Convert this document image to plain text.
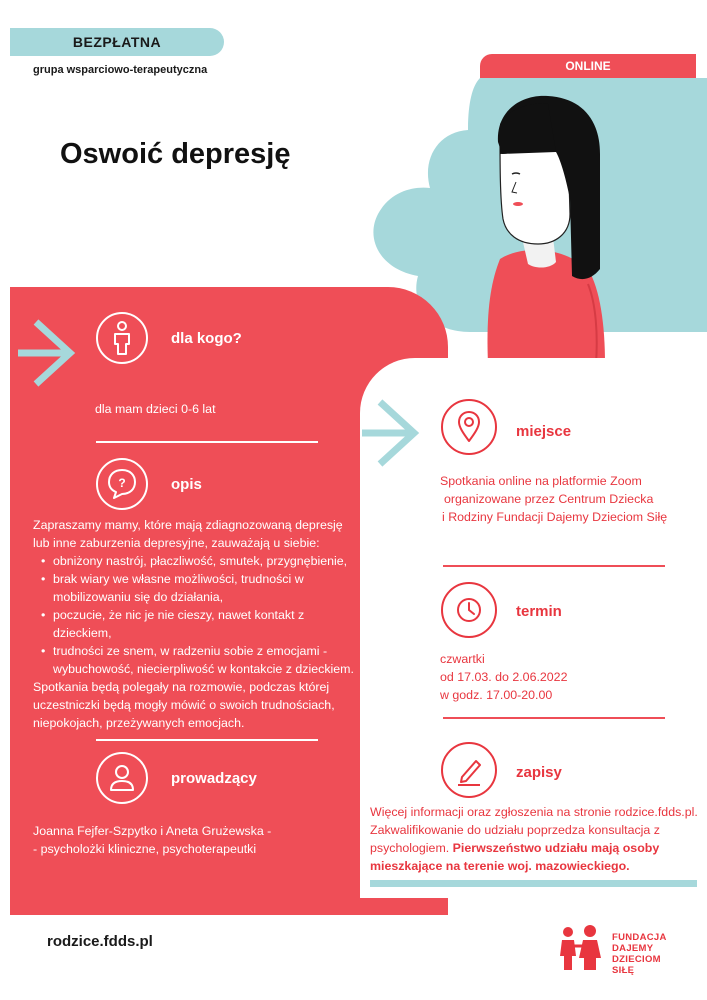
BEZPŁATNA
grupa wsparciowo-terapeutyczna
Oswoić depresję
ONLINE
dla kogo?
dla mam dzieci 0-6 lat
?	opis
Zapraszamy mamy, które mają zdiagnozowaną depresję lub inne zaburzenia depresyjne, zauważają u siebie:
• obniżony nastrój, płaczliwość, smutek, przygnębienie,
• brak wiary we własne możliwości, trudności w mobilizowaniu się do działania,
• poczucie, że nic je nie cieszy, nawet kontakt z dzieckiem,
• trudności ze snem, w radzeniu sobie z emocjami - wybuchowość, niecierpliwość w kontakcie z dzieckiem.
Spotkania będą polegały na rozmowie, podczas której uczestniczki będą mogły mówić o swoich trudnościach, niepokojach, przeżywanych emocjach.
prowadzący
Joanna Fejfer-Szpytko i Aneta Grużewska -
- psycholożki kliniczne, psychoterapeutki
miejsce
Spotkania online na platformie Zoom
organizowane przez Centrum Dziecka
i Rodziny Fundacji Dajemy Dzieciom Siłę
termin
czwartki
od 17.03. do 2.06.2022
w godz. 17.00-20.00
zapisy
Więcej informacji oraz zgłoszenia na stronie rodzice.fdds.pl. Zakwalifikowanie do udziału poprzedza konsultacja z psychologiem. Pierwszeństwo udziału mają osoby mieszkające na terenie woj. mazowieckiego.
rodzice.fdds.pl	FUNDACJA
DAJEMY
DZIECIOM
SIŁĘ
